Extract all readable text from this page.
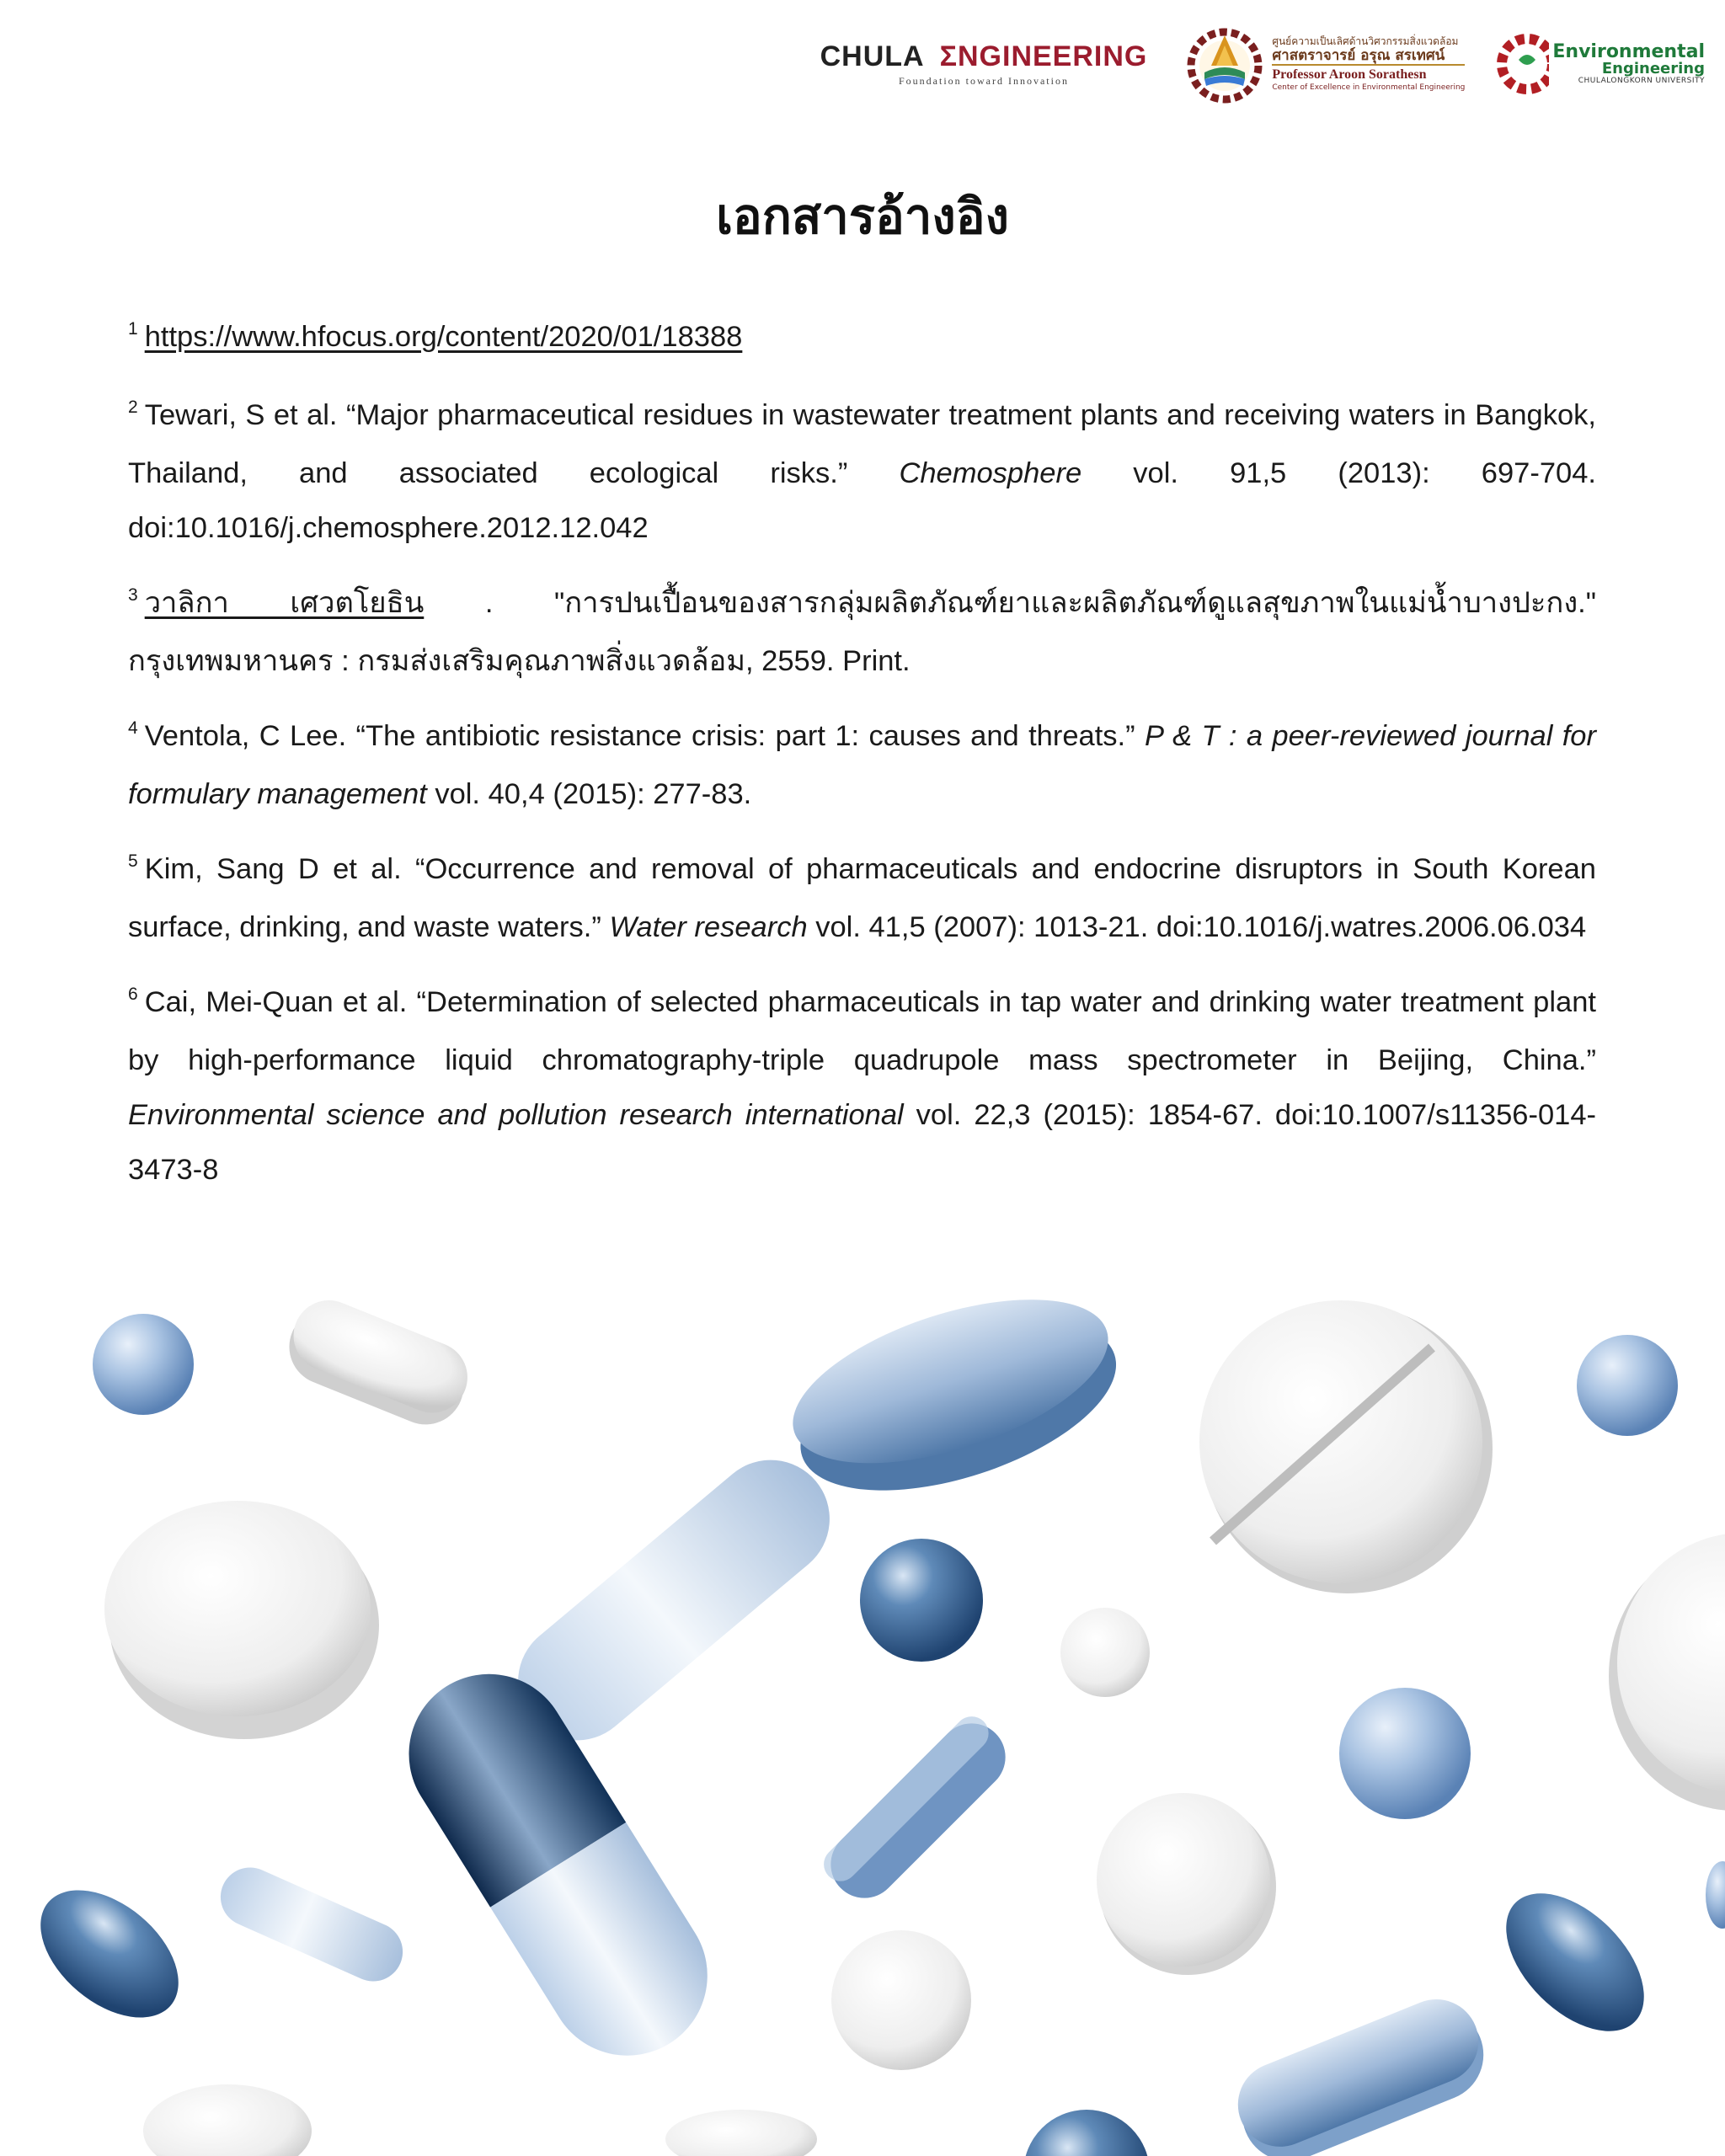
CHULA ΣNGINEERING
Foundation toward Innovation
ศูนย์ความเป็นเลิศด้านวิศวกรรมสิ่งแวดล้อม
ศาสตราจารย์ อรุณ สรเทศน์
Professor Aroon Sorathesn
Center of Excellence in Environmental Engineering
Environmental
Engineering
CHULALONGKORN UNIVERSITY
เอกสารอ้างอิง

$^1$ https://www.hfocus.org/content/2020/01/18388

$^2$ Tewari, S et al. “Major pharmaceutical residues in wastewater treatment plants and receiving waters in Bangkok, Thailand, and associated ecological risks.” Chemosphere vol. 91,5 (2013): 697-704. doi:10.1016/j.chemosphere.2012.12.042

$^3$ วาลิกา เศวตโยธิน . "การปนเปื้อนของสารกลุ่มผลิตภัณฑ์ยาและผลิตภัณฑ์ดูแลสุขภาพในแม่น้ำบางปะกง." กรุงเทพมหานคร : กรมส่งเสริมคุณภาพสิ่งแวดล้อม, 2559. Print.

$^4$ Ventola, C Lee. “The antibiotic resistance crisis: part 1: causes and threats.” P & T : a peer-reviewed journal for formulary management vol. 40,4 (2015): 277-83.

$^5$ Kim, Sang D et al. “Occurrence and removal of pharmaceuticals and endocrine disruptors in South Korean surface, drinking, and waste waters.” Water research vol. 41,5 (2007): 1013-21. doi:10.1016/j.watres.2006.06.034

$^6$ Cai, Mei-Quan et al. “Determination of selected pharmaceuticals in tap water and drinking water treatment plant by high-performance liquid chromatography-triple quadrupole mass spectrometer in Beijing, China.” Environmental science and pollution research international vol. 22,3 (2015): 1854-67. doi:10.1007/s11356-014-3473-8
